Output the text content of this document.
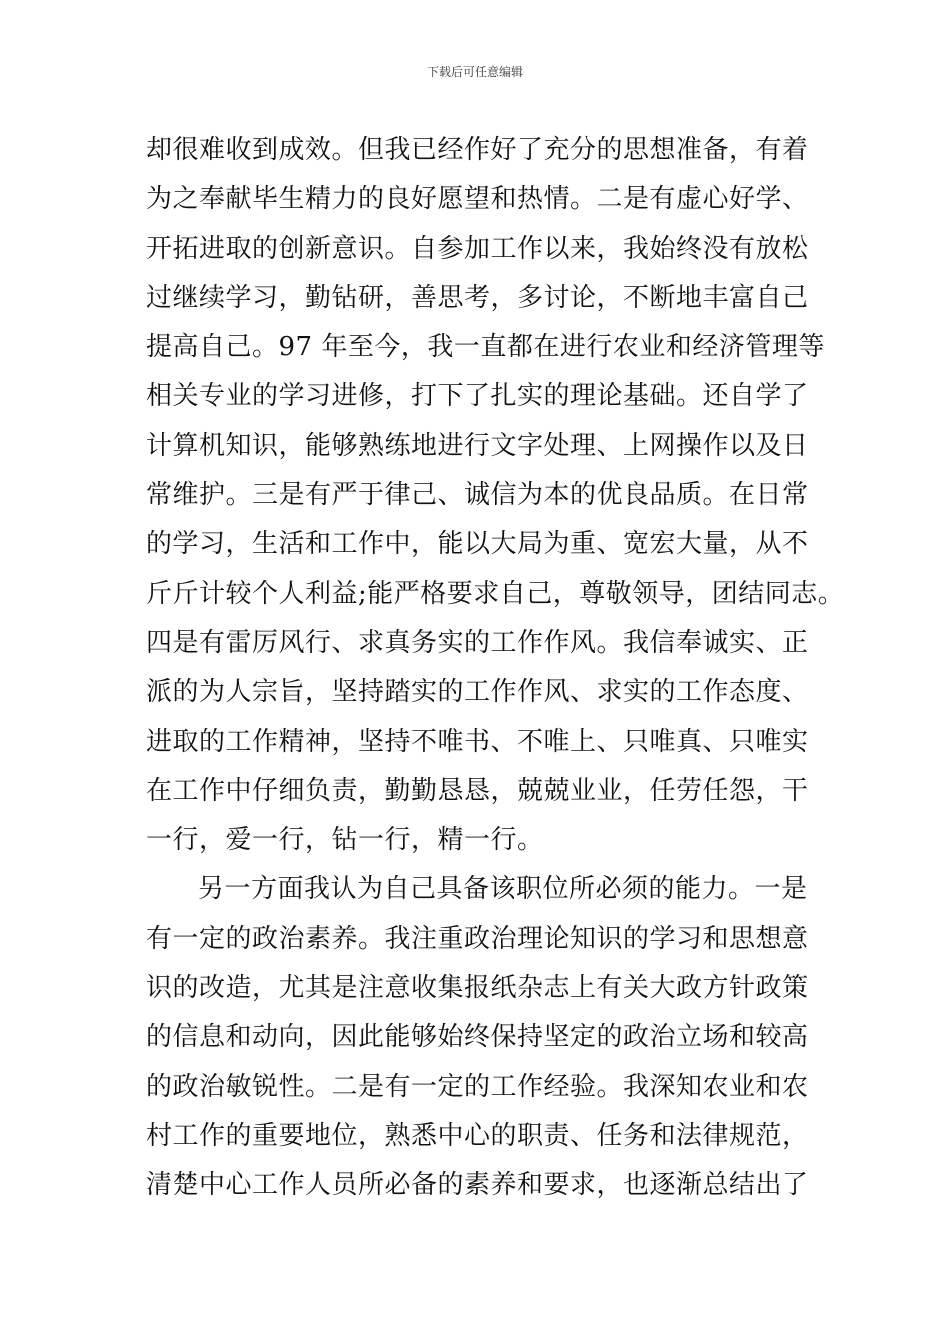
下载后可任意编辑
却很难收到成效。但我已经作好了充分的思想准备，有着
为之奉献毕生精力的良好愿望和热情。二是有虚心好学、
开拓进取的创新意识。自参加工作以来，我始终没有放松
过继续学习，勤钻研，善思考，多讨论，不断地丰富自己
提高自己。97 年至今，我一直都在进行农业和经济管理等
相关专业的学习进修，打下了扎实的理论基础。还自学了
计算机知识，能够熟练地进行文字处理、上网操作以及日
常维护。三是有严于律己、诚信为本的优良品质。在日常
的学习，生活和工作中，能以大局为重、宽宏大量，从不
斤斤计较个人利益;能严格要求自己，尊敬领导，团结同志。
四是有雷厉风行、求真务实的工作作风。我信奉诚实、正
派的为人宗旨，坚持踏实的工作作风、求实的工作态度、
进取的工作精神，坚持不唯书、不唯上、只唯真、只唯实
在工作中仔细负责，勤勤恳恳，兢兢业业，任劳任怨，干
一行，爱一行，钻一行，精一行。
另一方面我认为自己具备该职位所必须的能力。一是
有一定的政治素养。我注重政治理论知识的学习和思想意
识的改造，尤其是注意收集报纸杂志上有关大政方针政策
的信息和动向，因此能够始终保持坚定的政治立场和较高
的政治敏锐性。二是有一定的工作经验。我深知农业和农
村工作的重要地位，熟悉中心的职责、任务和法律规范，
清楚中心工作人员所必备的素养和要求，也逐渐总结出了
